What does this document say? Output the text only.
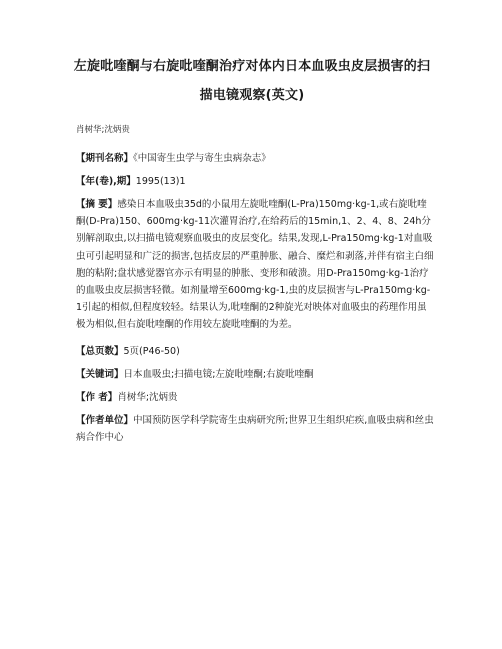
左旋吡喹酮与右旋吡喹酮治疗对体内日本血吸虫皮层损害的扫描电镜观察(英文)
肖树华;沈炳贵
【期刊名称】《中国寄生虫学与寄生虫病杂志》
【年(卷),期】1995(13)1
【摘 要】感染日本血吸虫35d的小鼠用左旋吡喹酮(L-Pra)150mg·kg-1,或右旋吡喹酮(D-Pra)150、600mg·kg-11次灌胃治疗,在给药后的15min,1、2、4、8、24h分别解剖取虫,以扫描电镜观察血吸虫的皮层变化。结果,发现,L-Pra150mg·kg-1对血吸虫可引起明显和广泛的损害,包括皮层的严重肿胀、融合、糜烂和剥落,并伴有宿主白细胞的粘附;盘状感觉器官亦示有明显的肿胀、变形和破溃。用D-Pra150mg·kg-1治疗的血吸虫皮层损害轻微。如剂量增至600mg·kg-1,虫的皮层损害与L-Pra150mg·kg-1引起的相似,但程度较轻。结果认为,吡喹酮的2种旋光对映体对血吸虫的药理作用虽极为相似,但右旋吡喹酮的作用较左旋吡喹酮的为差。
【总页数】5页(P46-50)
【关键词】日本血吸虫;扫描电镜;左旋吡喹酮;右旋吡喹酮
【作 者】肖树华;沈炳贵
【作者单位】中国预防医学科学院寄生虫病研究所;世界卫生组织疟疾,血吸虫病和丝虫病合作中心
